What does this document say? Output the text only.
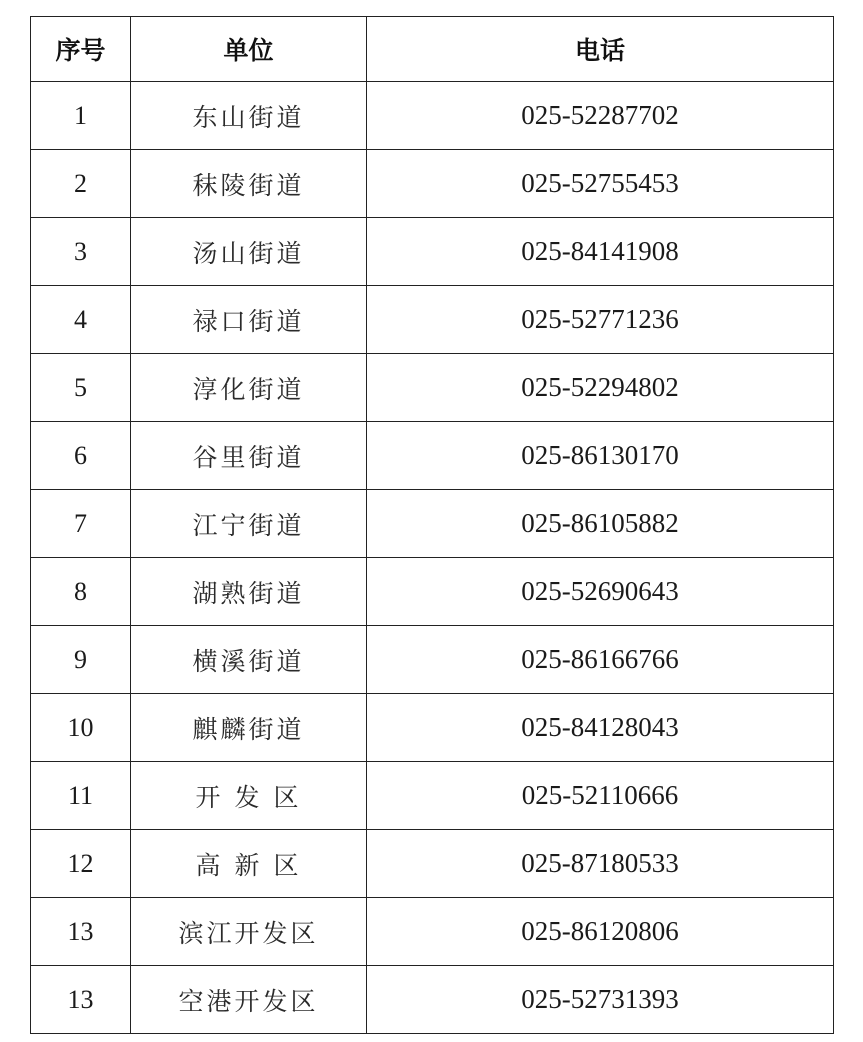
序号	单位	电话
1	东山街道	025-52287702
2	秣陵街道	025-52755453
3	汤山街道	025-84141908
4	禄口街道	025-52771236
5	淳化街道	025-52294802
6	谷里街道	025-86130170
7	江宁街道	025-86105882
8	湖熟街道	025-52690643
9	横溪街道	025-86166766
10	麒麟街道	025-84128043
11	开 发 区	025-52110666
12	高 新 区	025-87180533
13	滨江开发区	025-86120806
13	空港开发区	025-52731393
